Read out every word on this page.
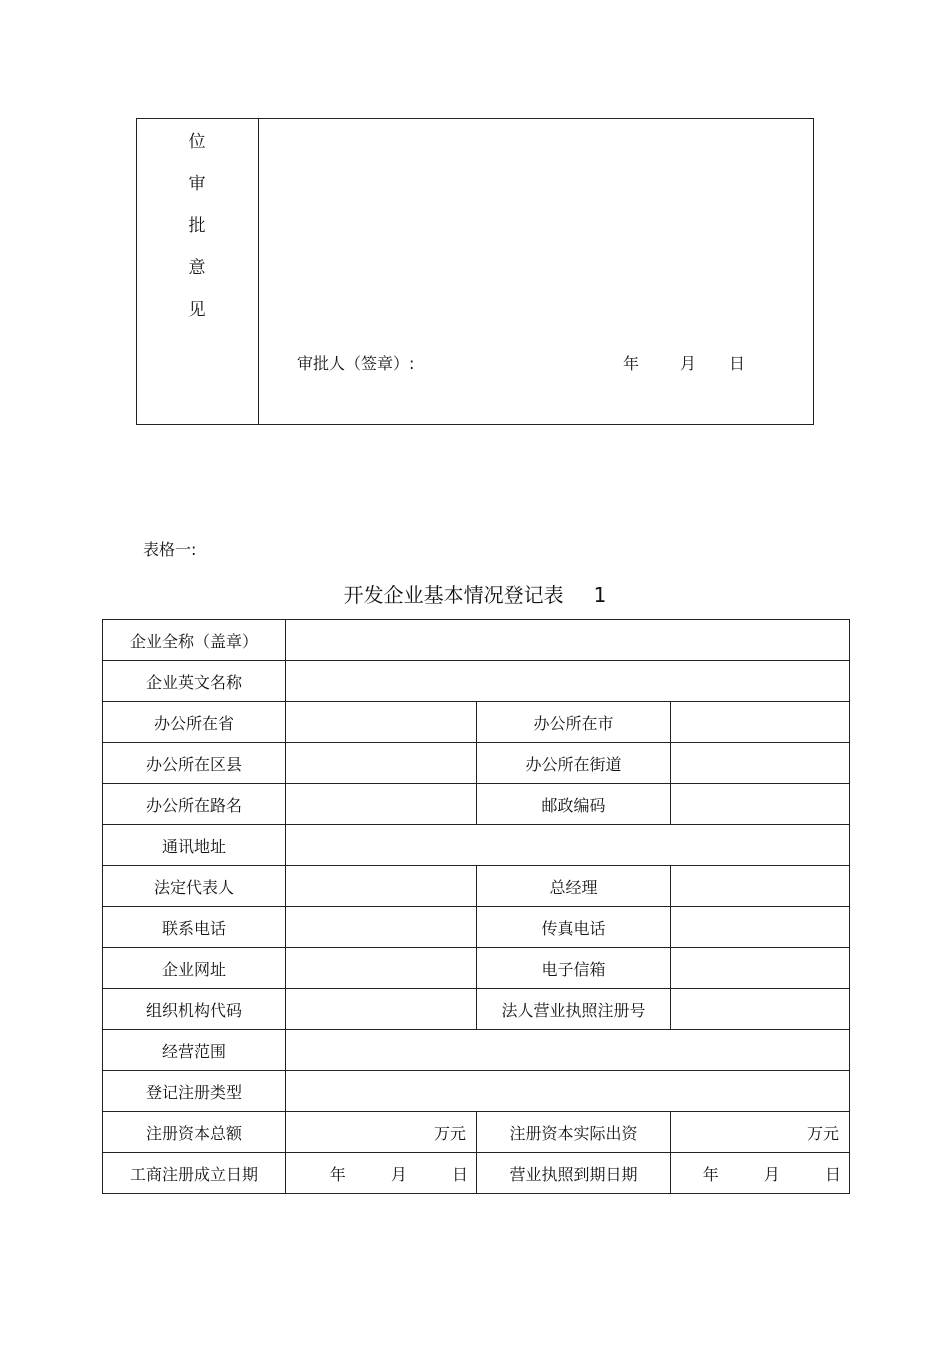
位
审
批
意
见
审批人（签章）:	年	月 日
表格一:
开发企业基本情况登记表 1
企业全称（盖章）			
企业英文名称			
办公所在省		办公所在市	
办公所在区县		办公所在街道	
办公所在路名		邮政编码	
通讯地址			
法定代表人		总经理	
联系电话		传真电话	
企业网址		电子信箱	
组织机构代码		法人营业执照注册号	
经营范围			
登记注册类型			
注册资本总额	万元	注册资本实际出资	万元
工商注册成立日期	年 月 日	营业执照到期日期	年 月 日
